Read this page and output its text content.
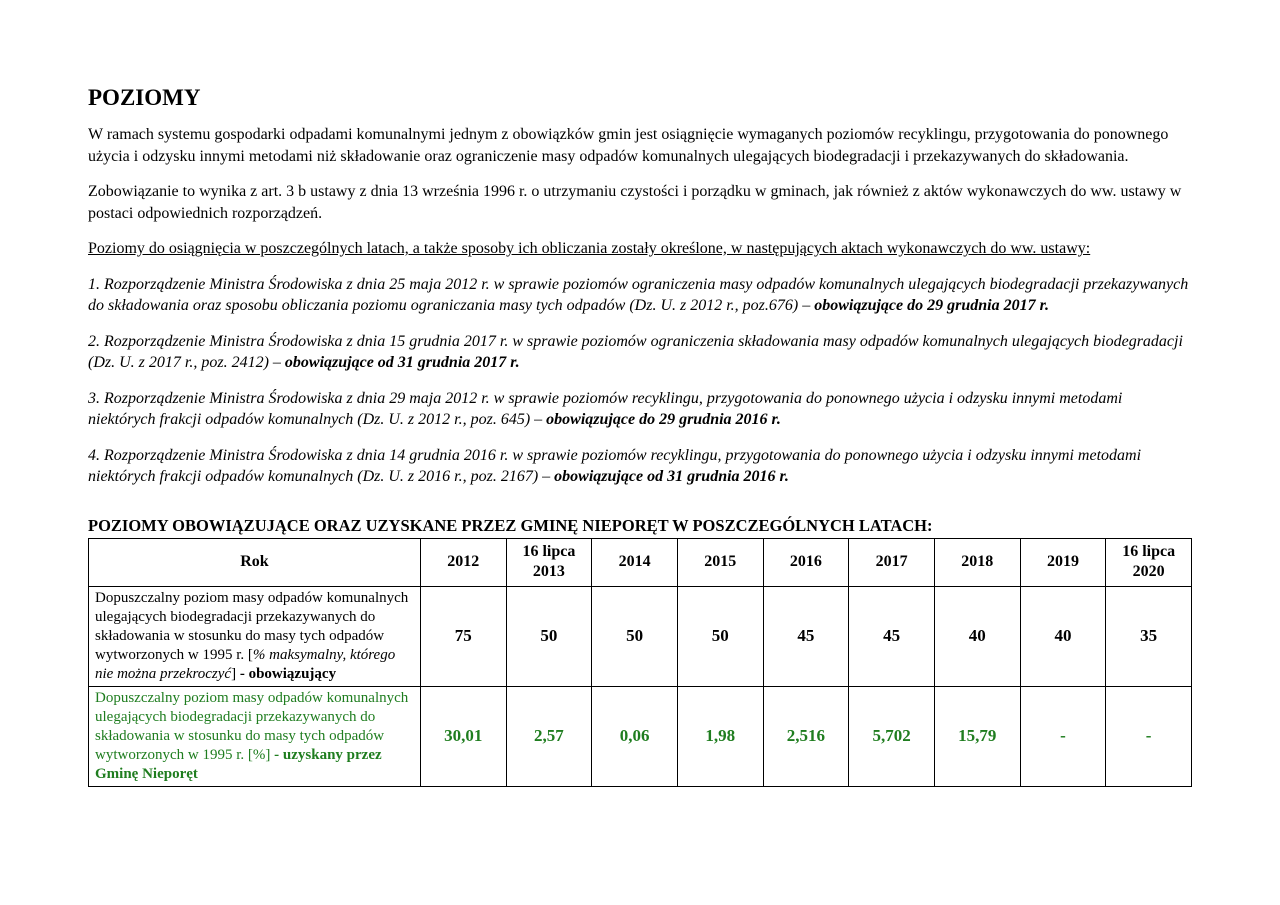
POZIOMY

W ramach systemu gospodarki odpadami komunalnymi jednym z obowiązków gmin jest osiągnięcie wymaganych poziomów recyklingu, przygotowania do ponownego użycia i odzysku innymi metodami niż składowanie oraz ograniczenie masy odpadów komunalnych ulegających biodegradacji i przekazywanych do składowania.

Zobowiązanie to wynika z art. 3 b ustawy z dnia 13 września 1996 r. o utrzymaniu czystości i porządku w gminach, jak również z aktów wykonawczych do ww. ustawy w postaci odpowiednich rozporządzeń.

Poziomy do osiągnięcia w poszczególnych latach, a także sposoby ich obliczania zostały określone, w następujących aktach wykonawczych do ww. ustawy:

1. Rozporządzenie Ministra Środowiska z dnia 25 maja 2012 r. w sprawie poziomów ograniczenia masy odpadów komunalnych ulegających biodegradacji przekazywanych do składowania oraz sposobu obliczania poziomu ograniczania masy tych odpadów (Dz. U. z 2012 r., poz.676) – obowiązujące do 29 grudnia 2017 r.

2. Rozporządzenie Ministra Środowiska z dnia 15 grudnia 2017 r. w sprawie poziomów ograniczenia składowania masy odpadów komunalnych ulegających biodegradacji (Dz. U. z 2017 r., poz. 2412) – obowiązujące od 31 grudnia 2017 r.

3. Rozporządzenie Ministra Środowiska z dnia 29 maja 2012 r. w sprawie poziomów recyklingu, przygotowania do ponownego użycia i odzysku innymi metodami niektórych frakcji odpadów komunalnych (Dz. U. z 2012 r., poz. 645) – obowiązujące do 29 grudnia 2016 r.

4. Rozporządzenie Ministra Środowiska z dnia 14 grudnia 2016 r. w sprawie poziomów recyklingu, przygotowania do ponownego użycia i odzysku innymi metodami niektórych frakcji odpadów komunalnych (Dz. U. z 2016 r., poz. 2167) – obowiązujące od 31 grudnia 2016 r.

POZIOMY OBOWIĄZUJĄCE ORAZ UZYSKANE PRZEZ GMINĘ NIEPORĘT W POSZCZEGÓLNYCH LATACH:
Rok	2012	16 lipca 2013	2014	2015	2016	2017	2018	2019	16 lipca 2020
Dopuszczalny poziom masy odpadów komunalnych ulegających biodegradacji przekazywanych do składowania w stosunku do masy tych odpadów wytworzonych w 1995 r. [% maksymalny, którego nie można przekroczyć] - obowiązujący	75	50	50	50	45	45	40	40	35
Dopuszczalny poziom masy odpadów komunalnych ulegających biodegradacji przekazywanych do składowania w stosunku do masy tych odpadów wytworzonych w 1995 r. [%] - uzyskany przez Gminę Nieporęt	30,01	2,57	0,06	1,98	2,516	5,702	15,79	-	-
